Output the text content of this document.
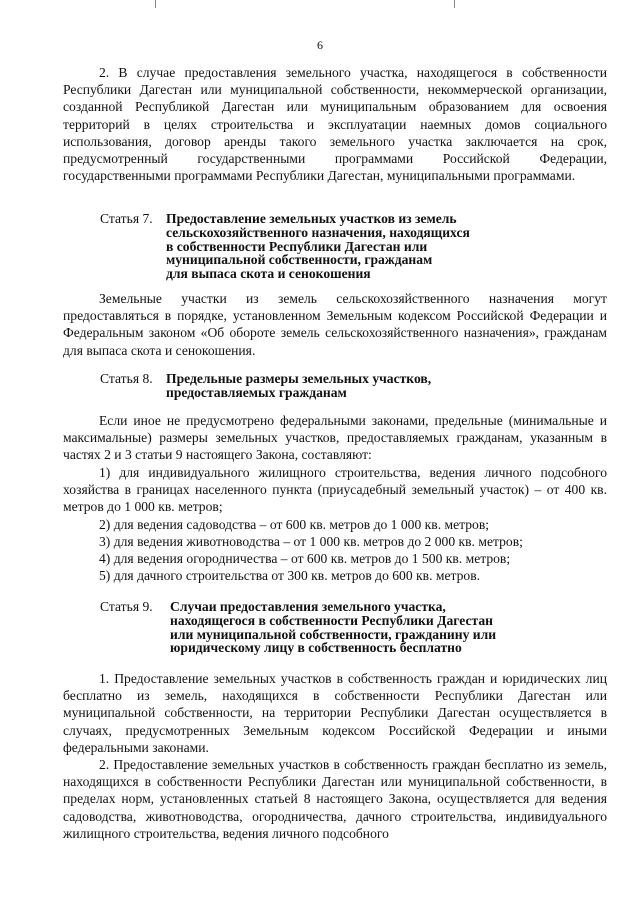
6

2. В случае предоставления земельного участка, находящегося в собственности Республики Дагестан или муниципальной собственности, некоммерческой организации, созданной Республикой Дагестан или муниципальным образованием для освоения территорий в целях строительства и эксплуатации наемных домов социального использования, договор аренды такого земельного участка заключается на срок, предусмотренный государственными программами Российской Федерации, государственными программами Республики Дагестан, муниципальными программами.

Статья 7. Предоставление земельных участков из земель
сельскохозяйственного назначения, находящихся
в собственности Республики Дагестан или
муниципальной собственности, гражданам
для выпаса скота и сенокошения

Земельные участки из земель сельскохозяйственного назначения могут предоставляться в порядке, установленном Земельным кодексом Российской Федерации и Федеральным законом «Об обороте земель сельскохозяйственного назначения», гражданам для выпаса скота и сенокошения.

Статья 8. Предельные размеры земельных участков,
предоставляемых гражданам

Если иное не предусмотрено федеральными законами, предельные (минимальные и максимальные) размеры земельных участков, предоставляемых гражданам, указанным в частях 2 и 3 статьи 9 настоящего Закона, составляют:

1) для индивидуального жилищного строительства, ведения личного подсобного хозяйства в границах населенного пункта (приусадебный земельный участок) – от 400 кв. метров до 1 000 кв. метров;

2) для ведения садоводства – от 600 кв. метров до 1 000 кв. метров;

3) для ведения животноводства – от 1 000 кв. метров до 2 000 кв. метров;

4) для ведения огородничества – от 600 кв. метров до 1 500 кв. метров;

5) для дачного строительства от 300 кв. метров до 600 кв. метров.

Статья 9.	Случаи предоставления земельного участка,
находящегося в собственности Республики Дагестан
или муниципальной собственности, гражданину или
юридическому лицу в собственность бесплатно

1. Предоставление земельных участков в собственность граждан и юридических лиц бесплатно из земель, находящихся в собственности Республики Дагестан или муниципальной собственности, на территории Республики Дагестан осуществляется в случаях, предусмотренных Земельным кодексом Российской Федерации и иными федеральными законами.

2. Предоставление земельных участков в собственность граждан бесплатно из земель, находящихся в собственности Республики Дагестан или муниципальной собственности, в пределах норм, установленных статьей 8 настоящего Закона, осуществляется для ведения садоводства, животноводства, огородничества, дачного строительства, индивидуального жилищного строительства, ведения личного подсобного
